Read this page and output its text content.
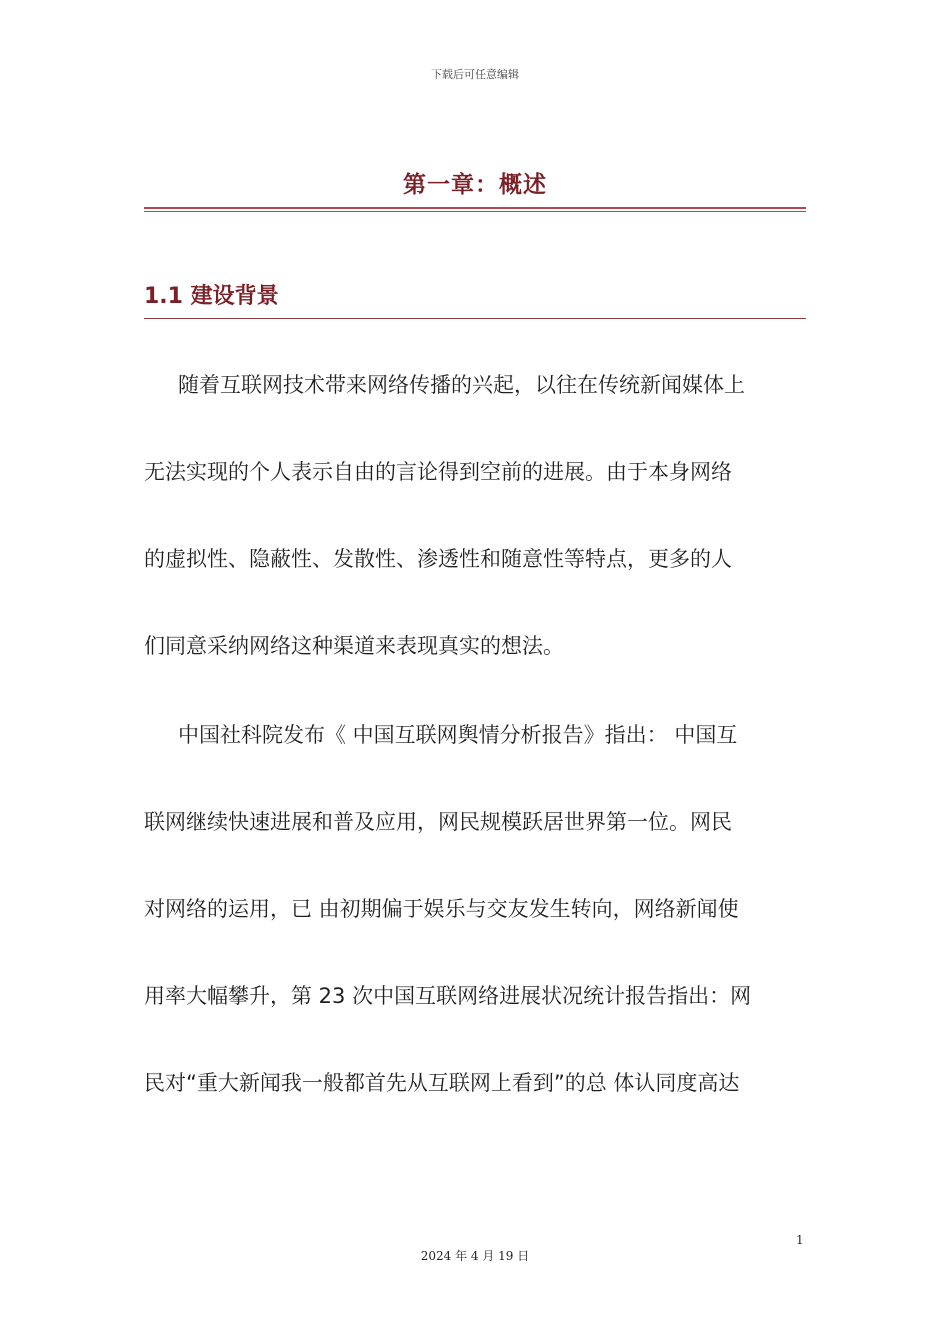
下载后可任意编辑
第一章：概述
1.1 建设背景
随着互联网技术带来网络传播的兴起，以往在传统新闻媒体上
无法实现的个人表示自由的言论得到空前的进展。由于本身网络
的虚拟性、隐蔽性、发散性、渗透性和随意性等特点，更多的人
们同意采纳网络这种渠道来表现真实的想法。
中国社科院发布《 中国互联网舆情分析报告》指出： 中国互
联网继续快速进展和普及应用，网民规模跃居世界第一位。网民
对网络的运用，已 由初期偏于娱乐与交友发生转向，网络新闻使
用率大幅攀升，第 23 次中国互联网络进展状况统计报告指出：网
民对“重大新闻我一般都首先从互联网上看到”的总 体认同度高达
1
2024 年 4 月 19 日
